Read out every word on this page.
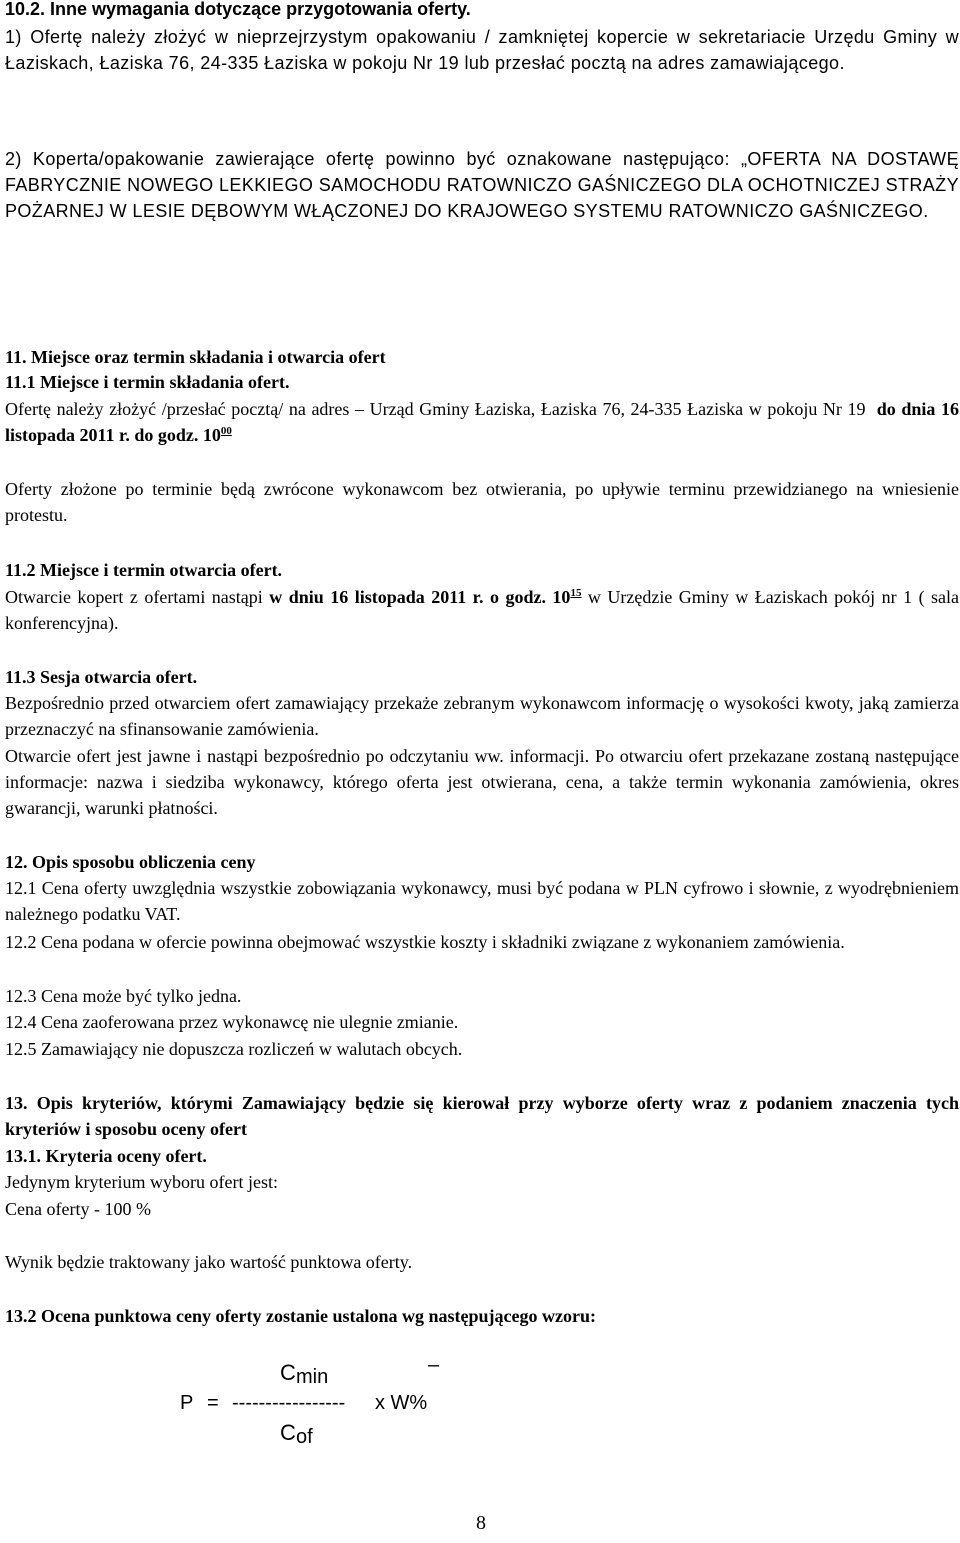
10.2. Inne wymagania dotyczące przygotowania oferty.

1) Ofertę należy złożyć w nieprzejrzystym opakowaniu / zamkniętej kopercie w sekretariacie Urzędu Gminy w Łaziskach, Łaziska 76, 24-335 Łaziska w pokoju Nr 19 lub przesłać pocztą na adres zamawiającego.

2) Koperta/opakowanie zawierające ofertę powinno być oznakowane następująco: „OFERTA NA DOSTAWĘ FABRYCZNIE NOWEGO LEKKIEGO SAMOCHODU RATOWNICZO GAŚNICZEGO DLA OCHOTNICZEJ STRAŻY POŻARNEJ W LESIE DĘBOWYM WŁĄCZONEJ DO KRAJOWEGO SYSTEMU RATOWNICZO GAŚNICZEGO.

11. Miejsce oraz termin składania i otwarcia ofert

11.1 Miejsce i termin składania ofert.

Ofertę należy złożyć /przesłać pocztą/ na adres – Urząd Gminy Łaziska, Łaziska 76, 24-335 Łaziska w pokoju Nr 19 do dnia 16 listopada 2011 r. do godz. $10^{00}$

Oferty złożone po terminie będą zwrócone wykonawcom bez otwierania, po upływie terminu przewidzianego na wniesienie protestu.

11.2 Miejsce i termin otwarcia ofert.

Otwarcie kopert z ofertami nastąpi w dniu 16 listopada 2011 r. o godz. $10^{15}$ w Urzędzie Gminy w Łaziskach pokój nr 1 ( sala konferencyjna).

11.3 Sesja otwarcia ofert.

Bezpośrednio przed otwarciem ofert zamawiający przekaże zebranym wykonawcom informację o wysokości kwoty, jaką zamierza przeznaczyć na sfinansowanie zamówienia.

Otwarcie ofert jest jawne i nastąpi bezpośrednio po odczytaniu ww. informacji. Po otwarciu ofert przekazane zostaną następujące informacje: nazwa i siedziba wykonawcy, którego oferta jest otwierana, cena, a także termin wykonania zamówienia, okres gwarancji, warunki płatności.

12. Opis sposobu obliczenia ceny

12.1 Cena oferty uwzględnia wszystkie zobowiązania wykonawcy, musi być podana w PLN cyfrowo i słownie, z wyodrębnieniem należnego podatku VAT.

12.2 Cena podana w ofercie powinna obejmować wszystkie koszty i składniki związane z wykonaniem zamówienia.

12.3 Cena może być tylko jedna.

12.4 Cena zaoferowana przez wykonawcę nie ulegnie zmianie.

12.5 Zamawiający nie dopuszcza rozliczeń w walutach obcych.

13. Opis kryteriów, którymi Zamawiający będzie się kierował przy wyborze oferty wraz z podaniem znaczenia tych kryteriów i sposobu oceny ofert

13.1. Kryteria oceny ofert.

Jedynym kryterium wyboru ofert jest:

Cena oferty - 100 %

Wynik będzie traktowany jako wartość punktowa oferty.

13.2 Ocena punktowa ceny oferty zostanie ustalona wg następującego wzoru:

C min
–
P = ----------------- x W%
C of
8
